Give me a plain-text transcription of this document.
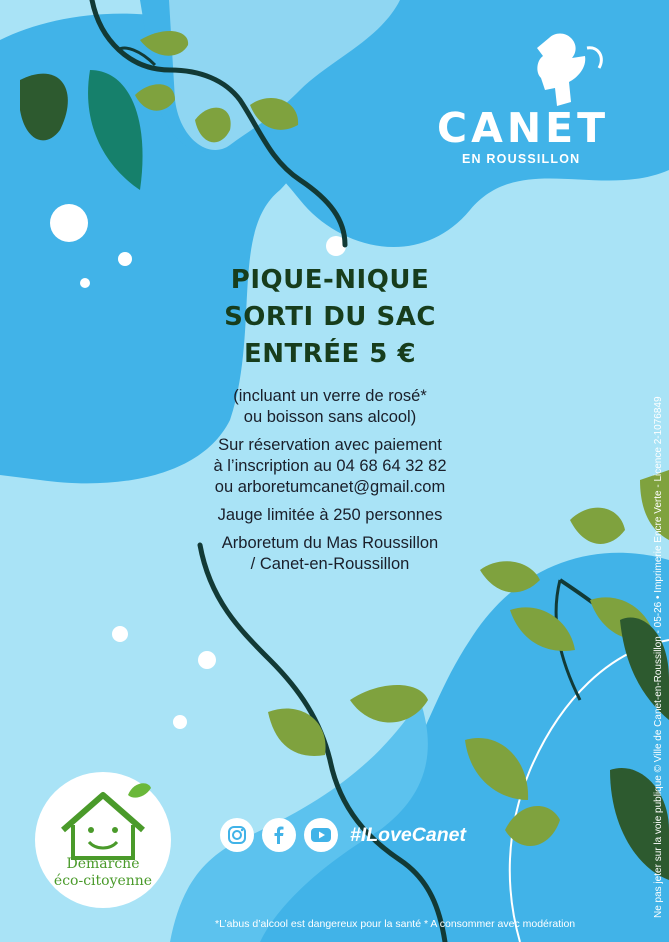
CANET
EN ROUSSILLON
PIQUE-NIQUE
SORTI DU SAC
ENTRÉE 5 €
(incluant un verre de rosé*
ou boisson sans alcool)
Sur réservation avec paiement
à l’inscription au 04 68 64 32 82
ou arboretumcanet@gmail.com
Jauge limitée à 250 personnes
Arboretum du Mas Roussillon
/ Canet-en-Roussillon
Démarche
éco-citoyenne
#ILoveCanet
*L’abus d’alcool est dangereux pour la santé * A consommer avec modération
Ne pas jeter sur la voie publique © Ville de Canet-en-Roussillon - 05-26 • Imprimerie Encre Verte - Licence 2-1076849
